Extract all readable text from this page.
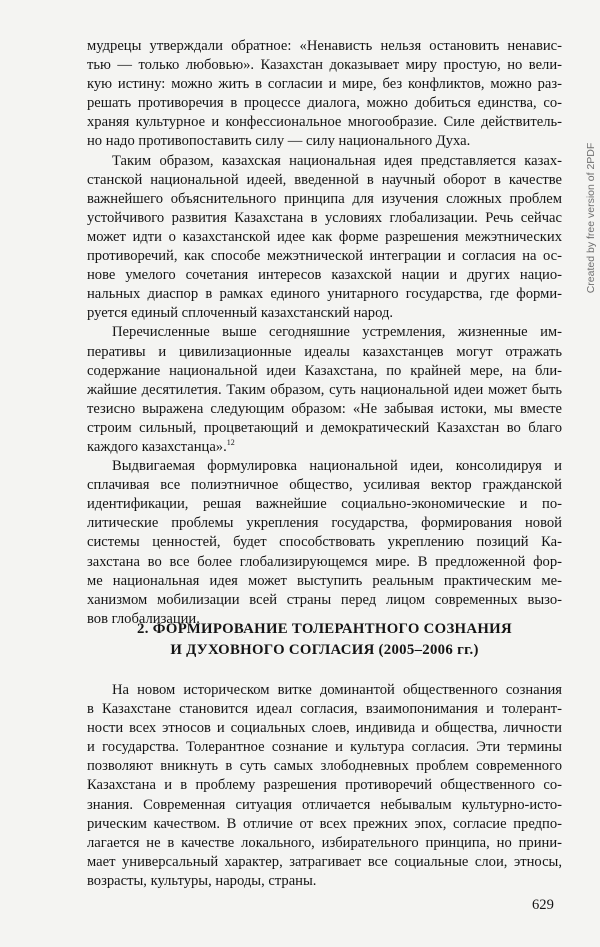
мудрецы утверждали обратное: «Ненависть нельзя остановить ненавис-
тью — только любовью». Казахстан доказывает миру простую, но вели-
кую истину: можно жить в согласии и мире, без конфликтов, можно раз-
решать противоречия в процессе диалога, можно добиться единства, со-
храняя культурное и конфессиональное многообразие. Силе действитель-
но надо противопоставить силу — силу национального Духа.
Таким образом, казахская национальная идея представляется казах-
станской национальной идеей, введенной в научный оборот в качестве
важнейшего объяснительного принципа для изучения сложных проблем
устойчивого развития Казахстана в условиях глобализации. Речь сейчас
может идти о казахстанской идее как форме разрешения межэтнических
противоречий, как способе межэтнической интеграции и согласия на ос-
нове умелого сочетания интересов казахской нации и других нацио-
нальных диаспор в рамках единого унитарного государства, где форми-
руется единый сплоченный казахстанский народ.
Перечисленные выше сегодняшние устремления, жизненные им-
перативы и цивилизационные идеалы казахстанцев могут отражать
содержание национальной идеи Казахстана, по крайней мере, на бли-
жайшие десятилетия. Таким образом, суть национальной идеи может быть
тезисно выражена следующим образом: «Не забывая истоки, мы вместе
строим сильный, процветающий и демократический Казахстан во благо
каждого казахстанца».$^{12}$
Выдвигаемая формулировка национальной идеи, консолидируя и
сплачивая все полиэтничное общество, усиливая вектор гражданской
идентификации, решая важнейшие социально-экономические и по-
литические проблемы укрепления государства, формирования новой
системы ценностей, будет способствовать укреплению позиций Ка-
захстана во все более глобализирующемся мире. В предложенной фор-
ме национальная идея может выступить реальным практическим ме-
ханизмом мобилизации всей страны перед лицом современных вызо-
вов глобализации.
2. ФОРМИРОВАНИЕ ТОЛЕРАНТНОГО СОЗНАНИЯ
И ДУХОВНОГО СОГЛАСИЯ (2005–2006 гг.)
На новом историческом витке доминантой общественного сознания
в Казахстане становится идеал согласия, взаимопонимания и толерант-
ности всех этносов и социальных слоев, индивида и общества, личности
и государства. Толерантное сознание и культура согласия. Эти термины
позволяют вникнуть в суть самых злободневных проблем современного
Казахстана и в проблему разрешения противоречий общественного со-
знания. Современная ситуация отличается небывалым культурно-исто-
рическим качеством. В отличие от всех прежних эпох, согласие предпо-
лагается не в качестве локального, избирательного принципа, но прини-
мает универсальный характер, затрагивает все социальные слои, этносы,
возрасты, культуры, народы, страны.
629
Created by free version of 2PDF
